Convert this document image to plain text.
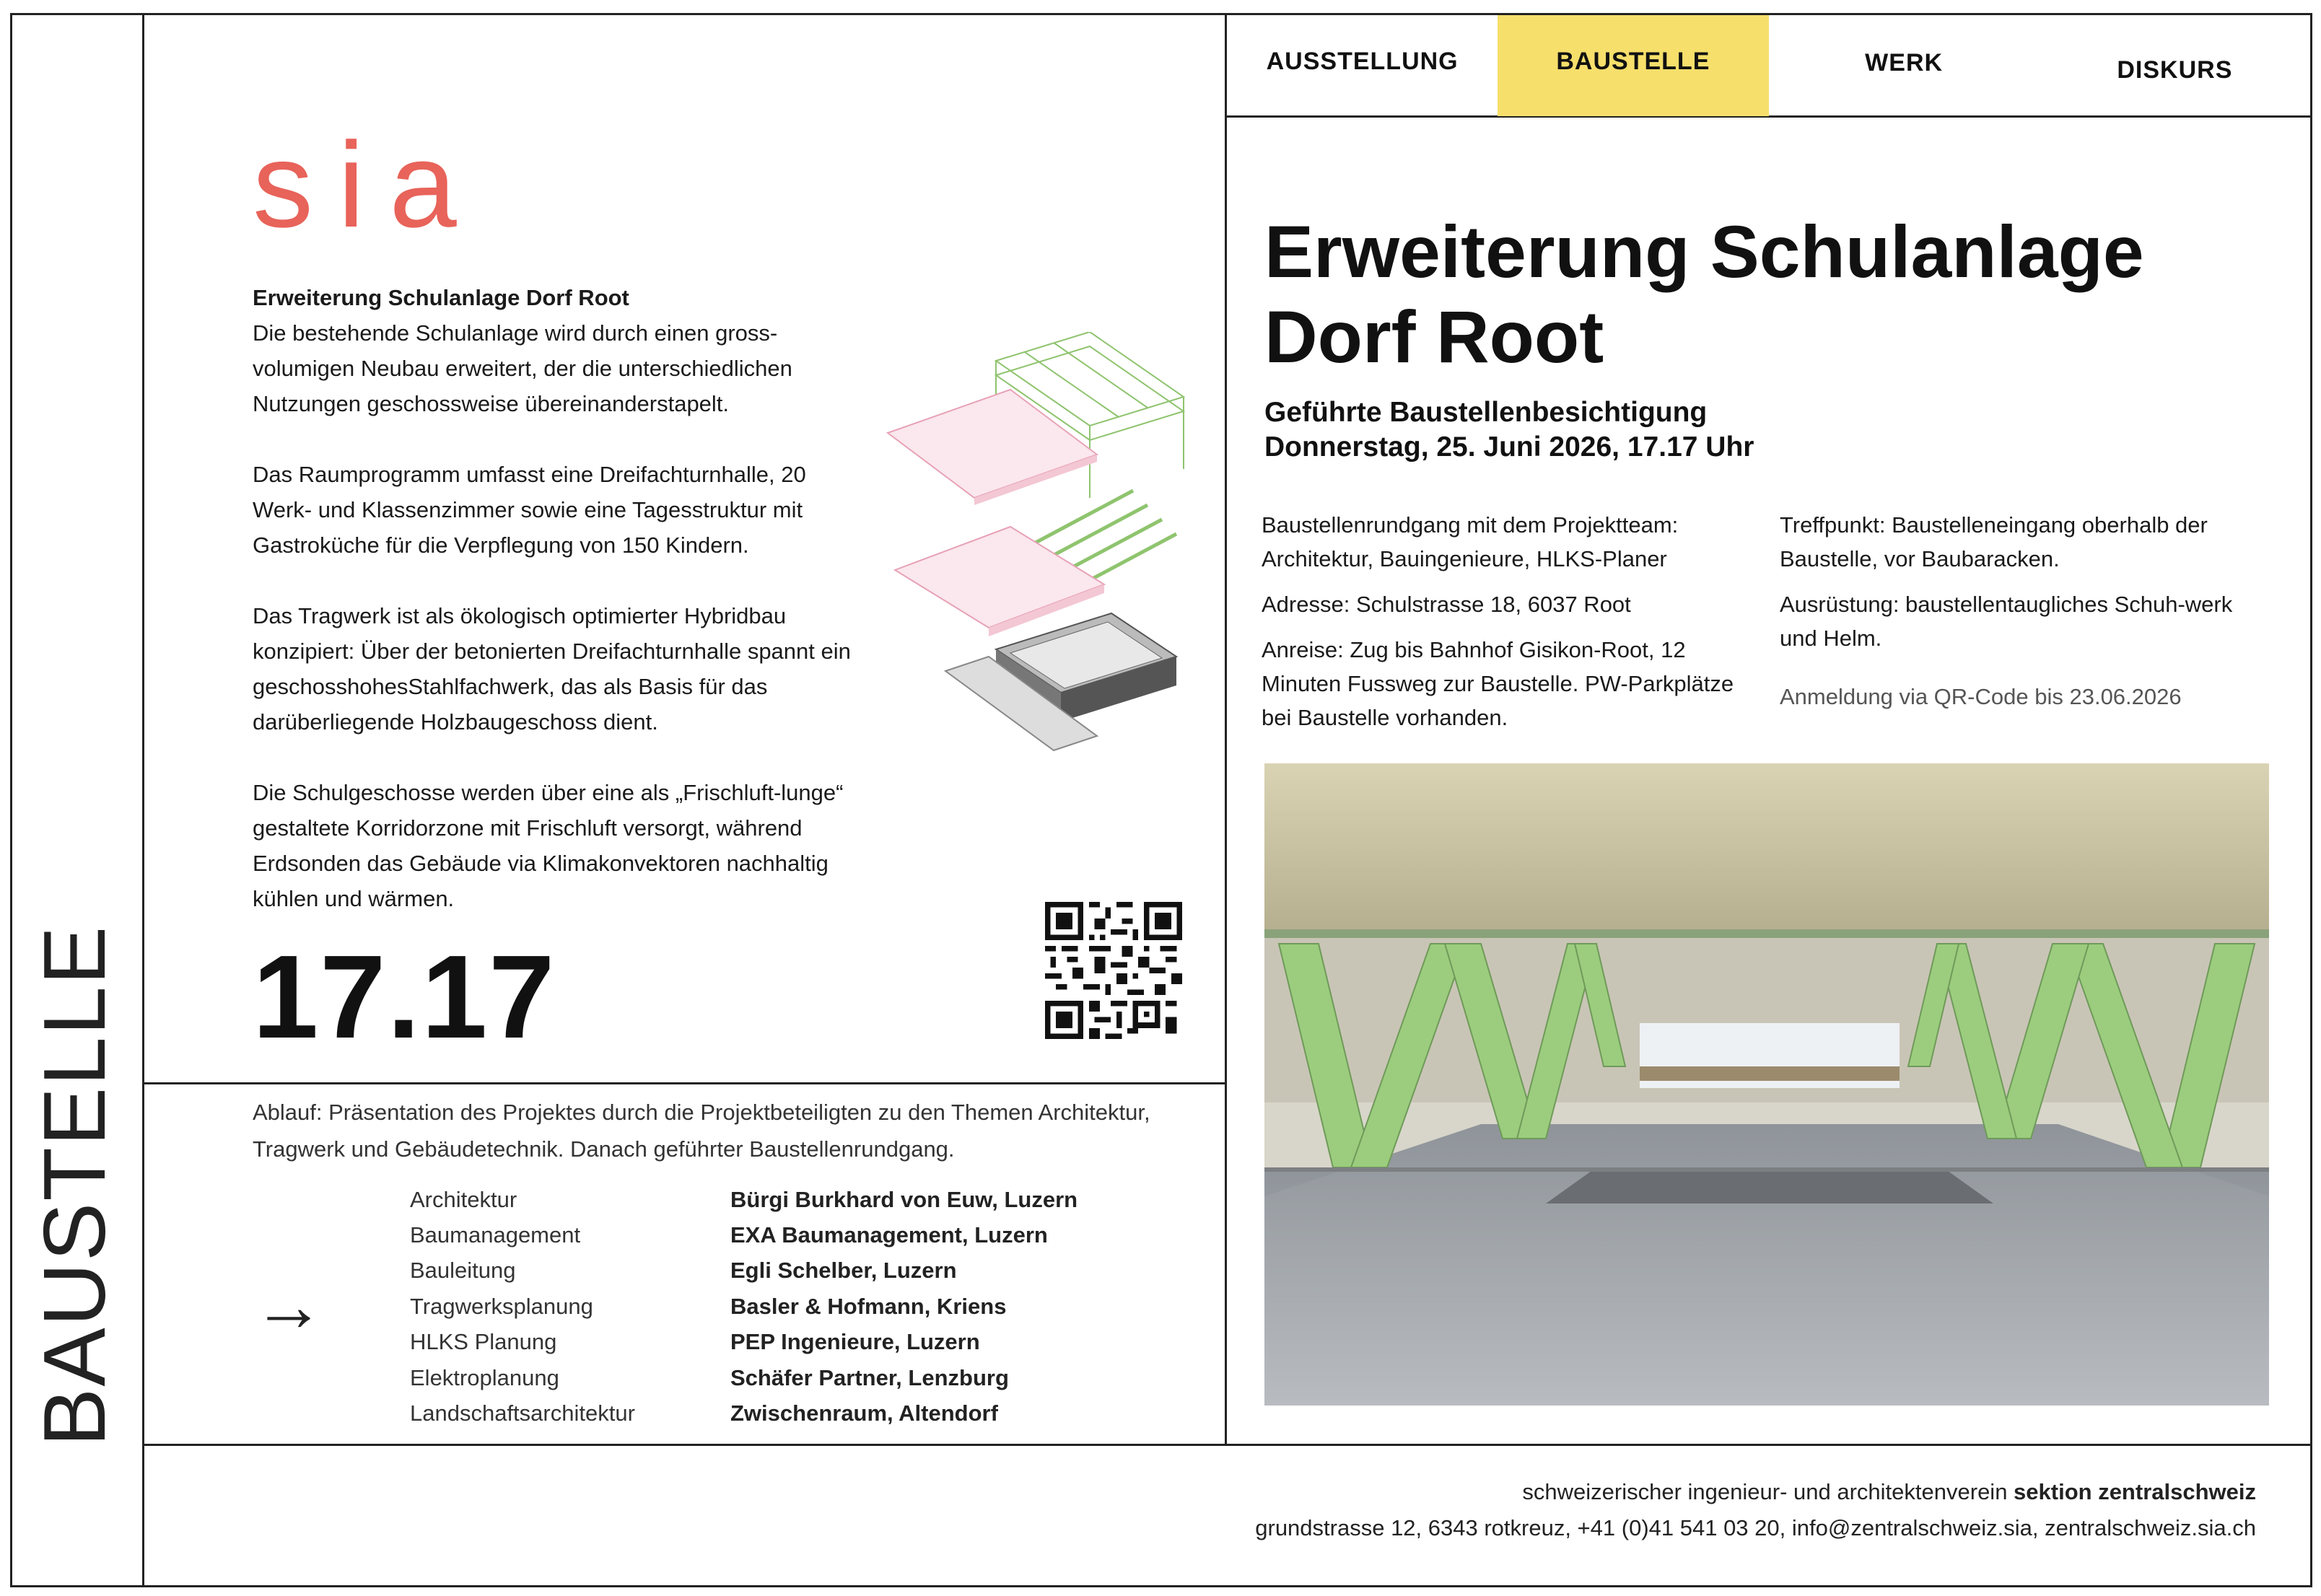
BAUSTELLE
sia
Erweiterung Schulanlage Dorf Root

Die bestehende Schulanlage wird durch einen gross-volumigen Neubau erweitert, der die unterschiedlichen Nutzungen geschossweise übereinanderstapelt.

Das Raumprogramm umfasst eine Dreifachturnhalle, 20 Werk- und Klassenzimmer sowie eine Tagesstruktur mit Gastroküche für die Verpflegung von 150 Kindern.

Das Tragwerk ist als ökologisch optimierter Hybridbau konzipiert: Über der betonierten Dreifachturnhalle spannt ein geschosshohesStahlfachwerk, das als Basis für das darüberliegende Holzbaugeschoss dient.

Die Schulgeschosse werden über eine als „Frischluft-lunge“ gestaltete Korridorzone mit Frischluft versorgt, während Erdsonden das Gebäude via Klimakonvektoren nachhaltig kühlen und wärmen.

17.17
Ablauf: Präsentation des Projektes durch die Projektbeteiligten zu den Themen Architektur, Tragwerk und Gebäudetechnik. Danach geführter Baustellenrundgang.
→
Architektur	Bürgi Burkhard von Euw, Luzern
Baumanagement	EXA Baumanagement, Luzern
Bauleitung	Egli Schelber, Luzern
Tragwerksplanung	Basler & Hofmann, Kriens
HLKS Planung	PEP Ingenieure, Luzern
Elektroplanung	Schäfer Partner, Lenzburg
Landschaftsarchitektur	Zwischenraum, Altendorf
AUSSTELLUNG	BAUSTELLE	WERK	DISKURS
Erweiterung Schulanlage
Dorf Root
Geführte Baustellenbesichtigung
Donnerstag, 25. Juni 2026, 17.17 Uhr

Baustellenrundgang mit dem Projektteam: Architektur, Bauingenieure, HLKS-Planer

Adresse: Schulstrasse 18, 6037 Root

Anreise: Zug bis Bahnhof Gisikon-Root, 12 Minuten Fussweg zur Baustelle. PW-Parkplätze bei Baustelle vorhanden.

Treffpunkt: Baustelleneingang oberhalb der Baustelle, vor Baubaracken.

Ausrüstung: baustellentaugliches Schuh-werk und Helm.

Anmeldung via QR-Code bis 23.06.2026

schweizerischer ingenieur- und architektenverein sektion zentralschweiz
grundstrasse 12, 6343 rotkreuz, +41 (0)41 541 03 20, info@zentralschweiz.sia, zentralschweiz.sia.ch
